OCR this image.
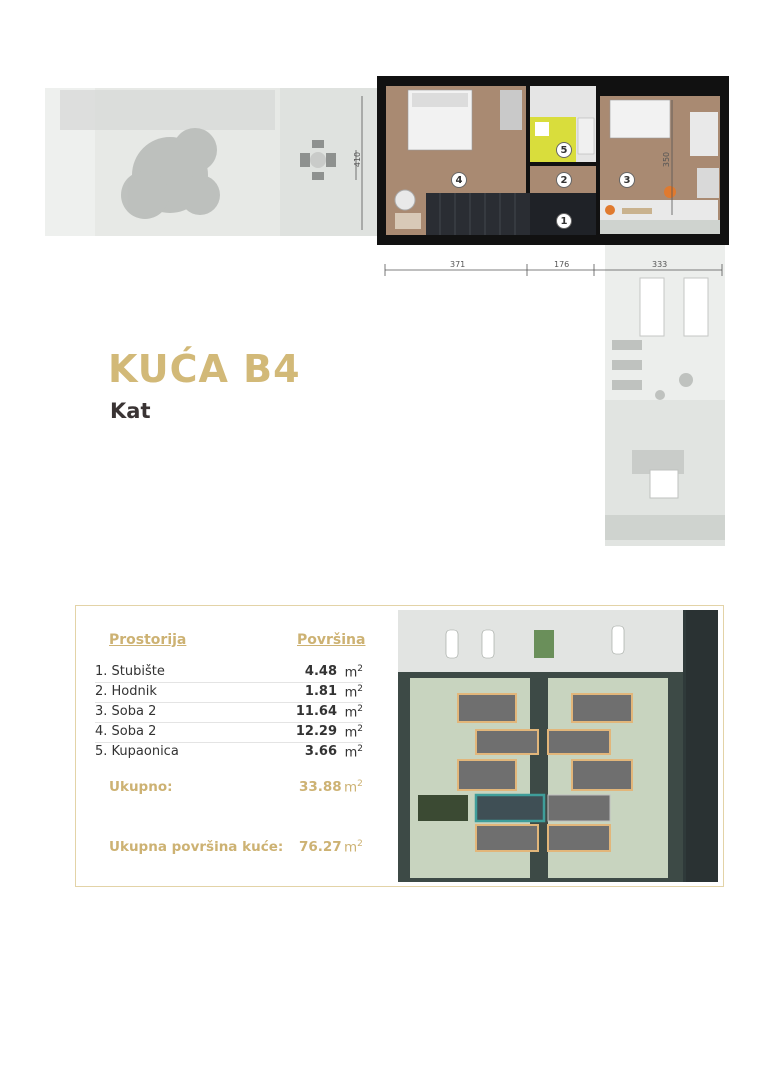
1
2	3
4
5
371	176	333
410	350
KUĆA B4
Kat
Prostorija	Površina
1. Stubište	4.48 $m^2$
2. Hodnik	1.81 $m^2$
3. Soba 2	11.64 $m^2$
4. Soba 2	12.29 $m^2$
5. Kupaonica	3.66 $m^2$
Ukupno:	33.88 $m^2$
Ukupna površina kuće: 76.27 $m^2$
